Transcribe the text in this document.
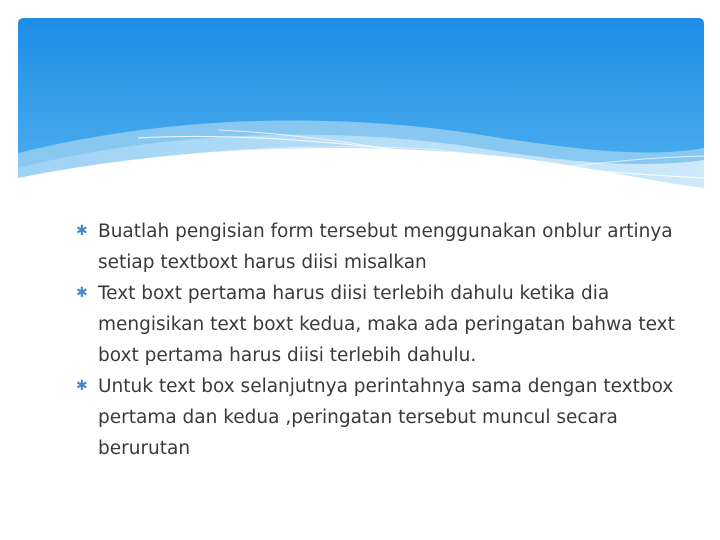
✱ Buatlah pengisian form tersebut menggunakan onblur artinya setiap textboxt harus diisi misalkan
✱ Text boxt pertama harus diisi terlebih dahulu ketika dia mengisikan text boxt kedua, maka ada peringatan bahwa text boxt pertama harus diisi terlebih dahulu.
✱ Untuk text box selanjutnya perintahnya sama dengan textbox pertama dan kedua ,peringatan tersebut muncul secara berurutan
